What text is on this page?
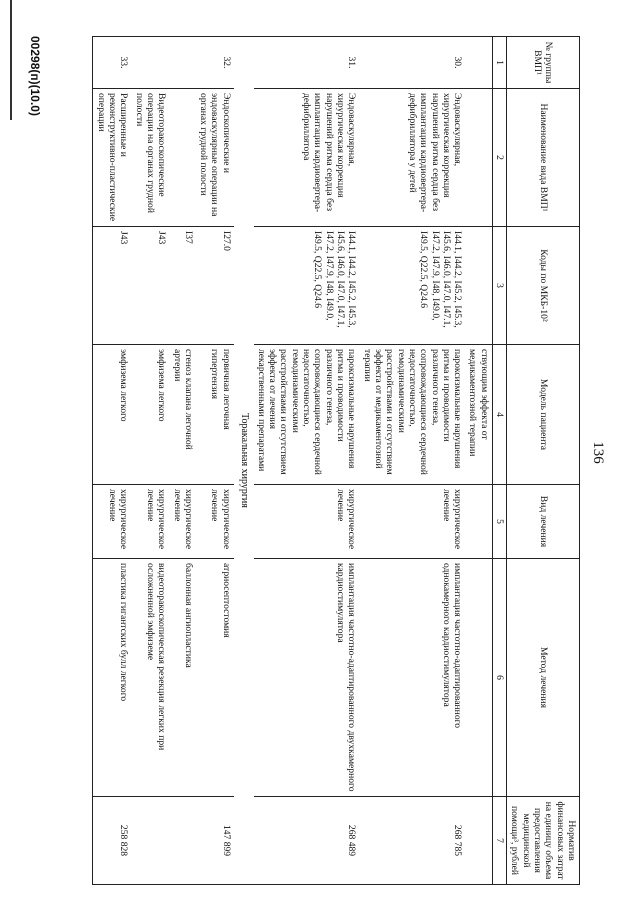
136
№ группы ВМП¹	Наименование вида ВМП¹	Коды по МКБ-10²	Модель пациента	Вид лечения	Метод лечения	Норматив финансовых затрат на единицу объема предоставления медицинской помощи³, рублей
1	2	3	4	5	6	7
			ствующим эффекта от медикаментозной терапии			
30.	Эндоваскулярная, хирургическая коррекция нарушений ритма сердца без имплантации кардиовертера-дефибриллятора у детей	I44.1, I44.2, I45.2, I45.3, I45.6, I46.0, I47.0, I47.1, I47.2, I47.9, I48, I49.0, I49.5, Q22.5, Q24.6	пароксизмальные нарушения ритма и проводимости различного генеза, сопровождающиеся сердечной недостаточностью, гемодинамическими расстройствами и отсутствием эффекта от медикаментозной терапии	хирургическое лечение	имплантация частотно-адаптированного однокамерного кардиостимулятора	268 785
31.	Эндоваскулярная, хирургическая коррекция нарушений ритма сердца без имплантации кардиовертера-дефибриллятора	I44.1, I44.2, I45.2, I45.3, I45.6, I46.0, I47.0, I47.1, I47.2, I47.9, I48, I49.0, I49.5, Q22.5, Q24.6	пароксизмальные нарушения ритма и проводимости различного генеза, сопровождающиеся сердечной недостаточностью, гемодинамическими расстройствами и отсутствием эффекта от лечения лекарственными препаратами	хирургическое лечение	имплантация частотно-адаптированного двухкамерного кардиостимулятора	268 489
Торакальная хирургия						
32.	Эндоскопические и эндоваскулярные операции на органах грудной полости	I27.0	первичная легочная гипертензия	хирургическое лечение	атриосептостомия	147 899
		I37	стеноз клапана легочной артерии	хирургическое лечение	баллонная ангиопластика	
	Видеоторакоскопические операции на органах грудной полости	J43	эмфизема легкого	хирургическое лечение	видеоторакоскопическая резекция легких при осложненной эмфиземе	
33.	Расширенные и реконструктивно-пластические операции	J43	эмфизема легкого	хирургическое лечение	пластика гигантских булл легкого	258 828
00298(п)(10.0)
